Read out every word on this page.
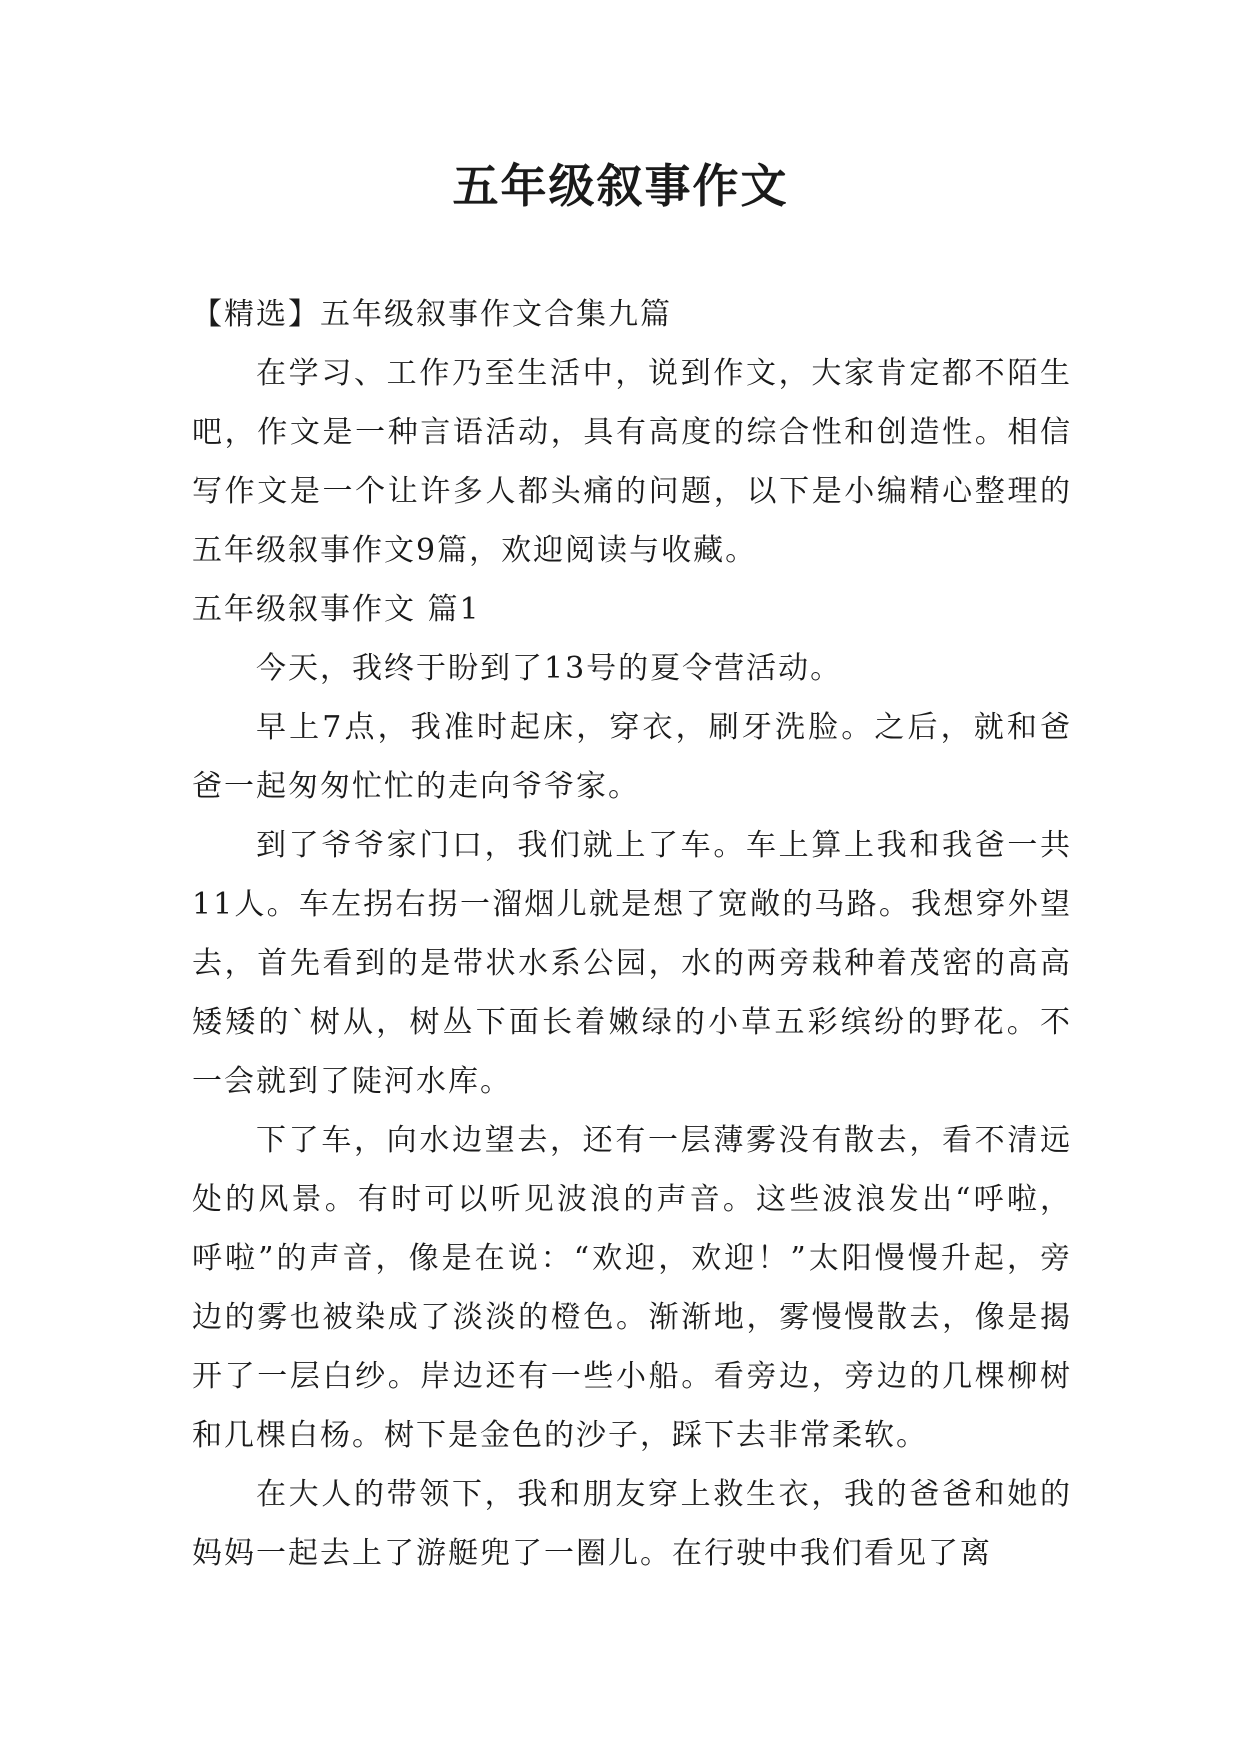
五年级叙事作文

【精选】五年级叙事作文合集九篇

在学习、工作乃至生活中，说到作文，大家肯定都不陌生吧，作文是一种言语活动，具有高度的综合性和创造性。相信写作文是一个让许多人都头痛的问题，以下是小编精心整理的五年级叙事作文9篇，欢迎阅读与收藏。

五年级叙事作文 篇1

今天，我终于盼到了13号的夏令营活动。

早上7点，我准时起床，穿衣，刷牙洗脸。之后，就和爸爸一起匆匆忙忙的走向爷爷家。

到了爷爷家门口，我们就上了车。车上算上我和我爸一共11人。车左拐右拐一溜烟儿就是想了宽敞的马路。我想穿外望去，首先看到的是带状水系公园，水的两旁栽种着茂密的高高矮矮的`树从，树丛下面长着嫩绿的小草五彩缤纷的野花。不一会就到了陡河水库。

下了车，向水边望去，还有一层薄雾没有散去，看不清远处的风景。有时可以听见波浪的声音。这些波浪发出“呼啦，呼啦”的声音，像是在说：“欢迎，欢迎！”太阳慢慢升起，旁边的雾也被染成了淡淡的橙色。渐渐地，雾慢慢散去，像是揭开了一层白纱。岸边还有一些小船。看旁边，旁边的几棵柳树和几棵白杨。树下是金色的沙子，踩下去非常柔软。

在大人的带领下，我和朋友穿上救生衣，我的爸爸和她的妈妈一起去上了游艇兜了一圈儿。在行驶中我们看见了离
